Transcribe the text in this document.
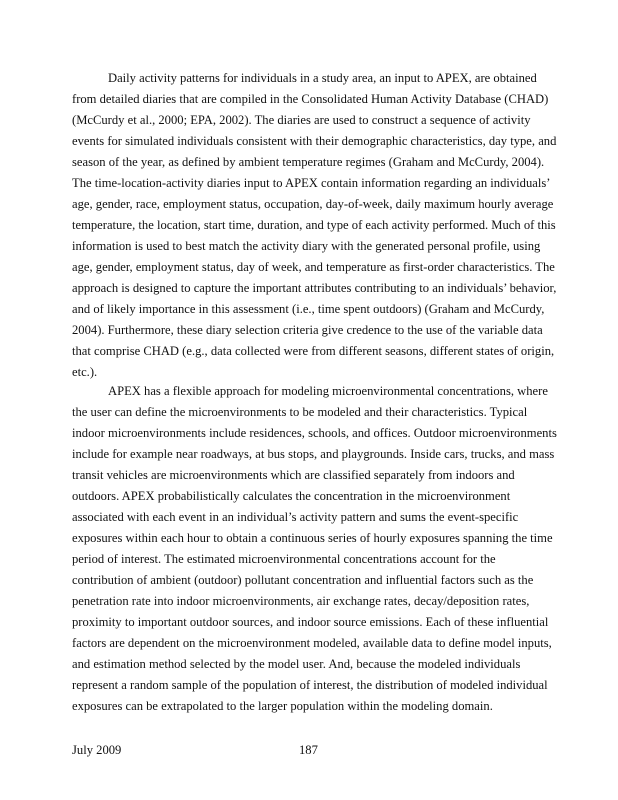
Daily activity patterns for individuals in a study area, an input to APEX, are obtained
from detailed diaries that are compiled in the Consolidated Human Activity Database (CHAD)
(McCurdy et al., 2000; EPA, 2002). The diaries are used to construct a sequence of activity
events for simulated individuals consistent with their demographic characteristics, day type, and
season of the year, as defined by ambient temperature regimes (Graham and McCurdy, 2004).
The time-location-activity diaries input to APEX contain information regarding an individuals’
age, gender, race, employment status, occupation, day-of-week, daily maximum hourly average
temperature, the location, start time, duration, and type of each activity performed. Much of this
information is used to best match the activity diary with the generated personal profile, using
age, gender, employment status, day of week, and temperature as first-order characteristics. The
approach is designed to capture the important attributes contributing to an individuals’ behavior,
and of likely importance in this assessment (i.e., time spent outdoors) (Graham and McCurdy,
2004). Furthermore, these diary selection criteria give credence to the use of the variable data
that comprise CHAD (e.g., data collected were from different seasons, different states of origin,
etc.).
APEX has a flexible approach for modeling microenvironmental concentrations, where
the user can define the microenvironments to be modeled and their characteristics. Typical
indoor microenvironments include residences, schools, and offices. Outdoor microenvironments
include for example near roadways, at bus stops, and playgrounds. Inside cars, trucks, and mass
transit vehicles are microenvironments which are classified separately from indoors and
outdoors. APEX probabilistically calculates the concentration in the microenvironment
associated with each event in an individual’s activity pattern and sums the event-specific
exposures within each hour to obtain a continuous series of hourly exposures spanning the time
period of interest. The estimated microenvironmental concentrations account for the
contribution of ambient (outdoor) pollutant concentration and influential factors such as the
penetration rate into indoor microenvironments, air exchange rates, decay/deposition rates,
proximity to important outdoor sources, and indoor source emissions. Each of these influential
factors are dependent on the microenvironment modeled, available data to define model inputs,
and estimation method selected by the model user. And, because the modeled individuals
represent a random sample of the population of interest, the distribution of modeled individual
exposures can be extrapolated to the larger population within the modeling domain.
July 2009	187
